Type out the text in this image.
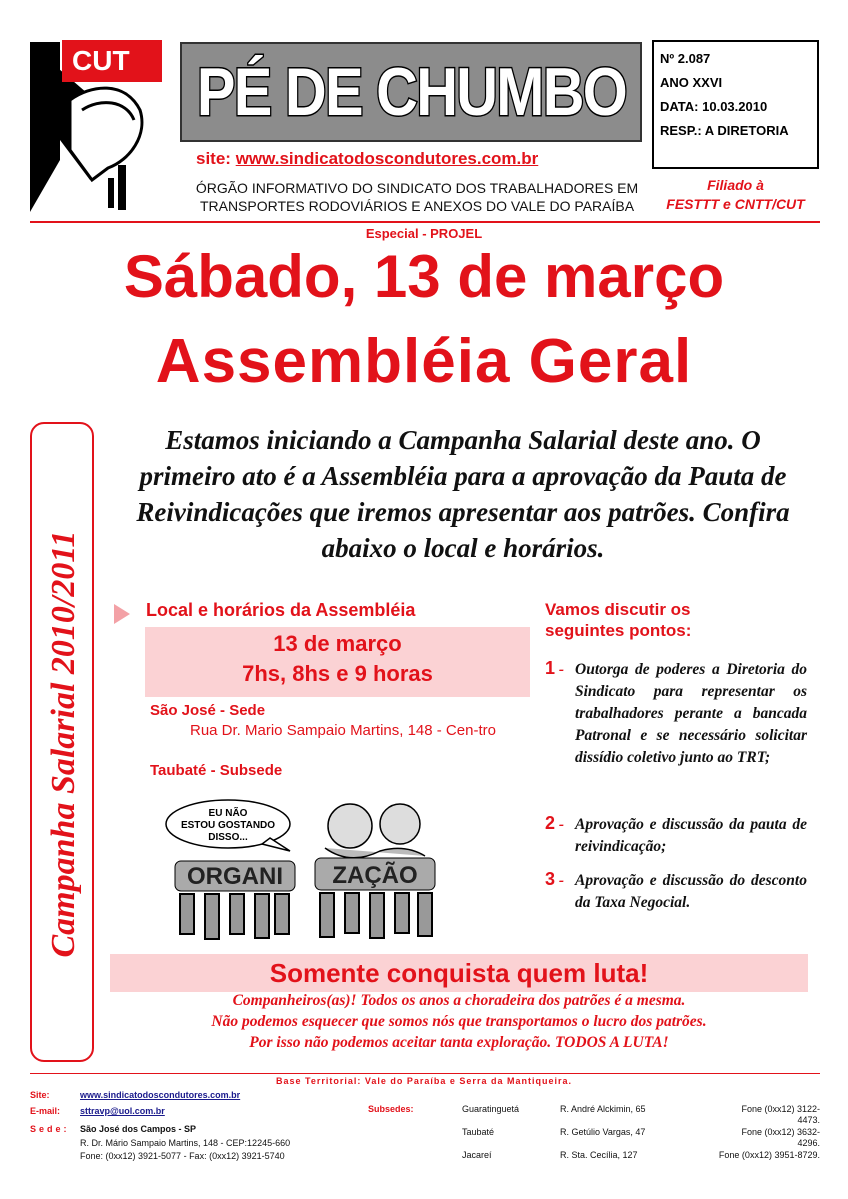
CUT PÉ DE CHUMBO
site: www.sindicatodoscondutores.com.br
ÓRGÃO INFORMATIVO DO SINDICATO DOS TRABALHADORES EM
TRANSPORTES RODOVIÁRIOS E ANEXOS DO VALE DO PARAÍBA
Nº 2.087
ANO XXVI
DATA: 10.03.2010
RESP.: A DIRETORIA
Filiado à
FESTTT e CNTT/CUT
Especial - PROJEL
Sábado, 13 de março
Assembléia Geral
Campanha Salarial 2010/2011
Estamos iniciando a Campanha Salarial deste ano. O primeiro ato é a Assembléia para a aprovação da Pauta de Reivindicações que iremos apresentar aos patrões. Confira abaixo o local e horários.
Local e horários da Assembléia
13 de março
7hs, 8hs e 9 horas
São José - Sede
Rua Dr. Mario Sampaio Martins, 148 - Cen-tro
Taubaté - Subsede
EU NÃO
ESTOU GOSTANDO
DISSO...
ORGANI ZAÇÃO
Vamos discutir os
seguintes pontos:
1 - Outorga de poderes a Diretoria do Sindicato para representar os trabalhadores perante a bancada Patronal e se necessário solicitar dissídio coletivo junto ao TRT;
2 - Aprovação e discussão da pauta de reivindicação;
3 - Aprovação e discussão do desconto da Taxa Negocial.
Somente conquista quem luta!
Companheiros(as)! Todos os anos a choradeira dos patrões é a mesma.
Não podemos esquecer que somos nós que transportamos o lucro dos patrões.
Por isso não podemos aceitar tanta exploração. TODOS A LUTA!
Base Territorial: Vale do Paraíba e Serra da Mantiqueira.
Site:	www.sindicatodoscondutores.com.br
E-mail: sttravp@uol.com.br
Sede: São José dos Campos - SP
R. Dr. Mário Sampaio Martins, 148 - CEP:12245-660
Fone: (0xx12) 3921-5077 - Fax: (0xx12) 3921-5740
Subsedes:	Guaratinguetá	R. André Alckimin, 65	Fone (0xx12) 3122-
4473.
Taubaté	R. Getúlio Vargas, 47	Fone (0xx12) 3632-
4296.
Jacareí	R. Sta. Cecília, 127	Fone (0xx12) 3951-8729.
